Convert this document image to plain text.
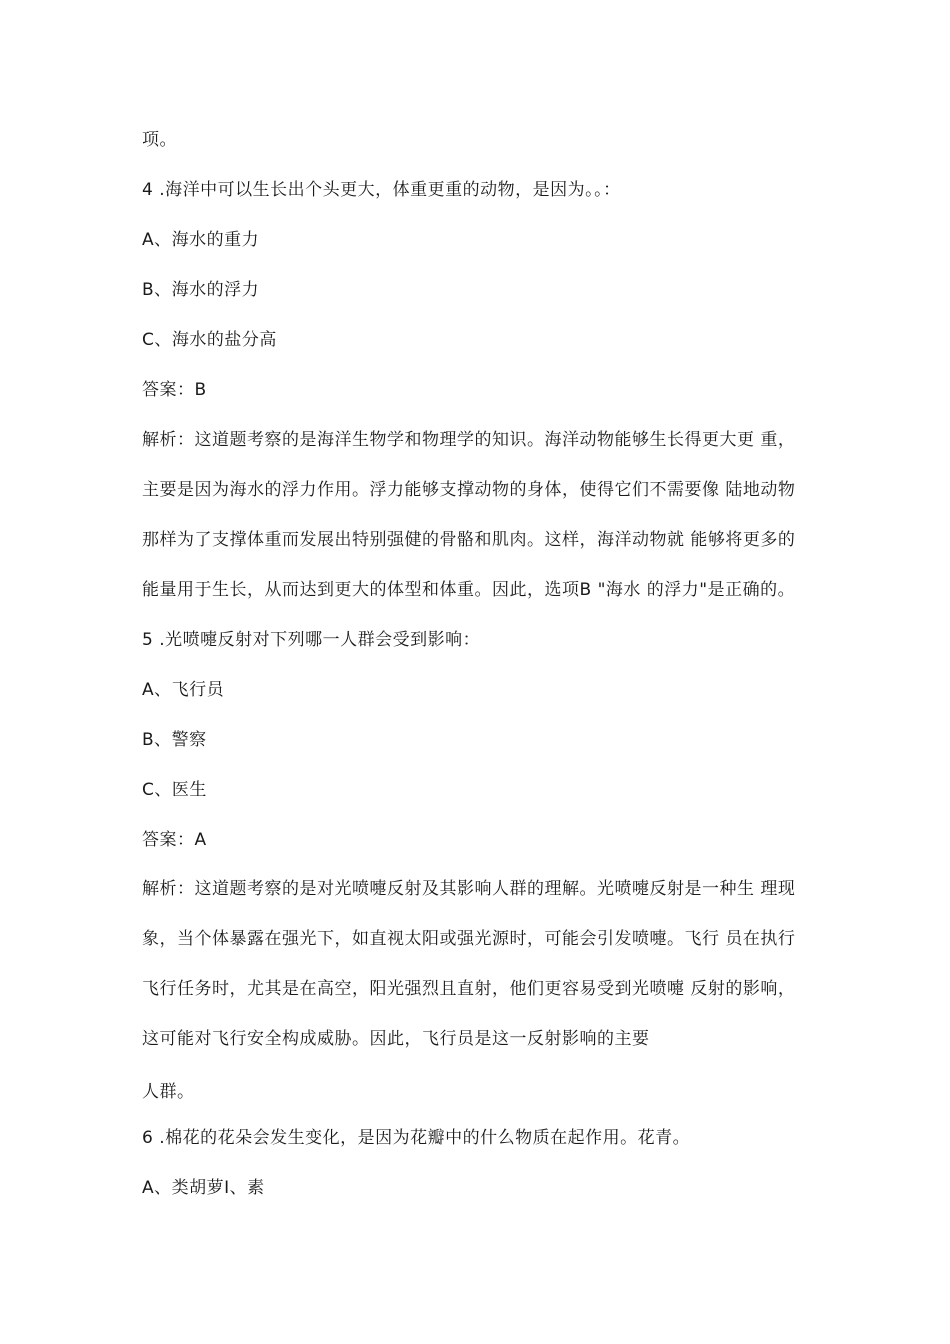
项。
4 .海洋中可以生长出个头更大，体重更重的动物，是因为。。：
A、海水的重力
B、海水的浮力
C、海水的盐分高
答案：B
解析：这道题考察的是海洋生物学和物理学的知识。海洋动物能够生长得更大更 重，
主要是因为海水的浮力作用。浮力能够支撑动物的身体，使得它们不需要像 陆地动物
那样为了支撑体重而发展出特别强健的骨骼和肌肉。这样，海洋动物就 能够将更多的
能量用于生长，从而达到更大的体型和体重。因此，选项B "海水 的浮力"是正确的。
5 .光喷嚏反射对下列哪一人群会受到影响：
A、飞行员
B、警察
C、医生
答案：A
解析：这道题考察的是对光喷嚏反射及其影响人群的理解。光喷嚏反射是一种生 理现
象，当个体暴露在强光下，如直视太阳或强光源时，可能会引发喷嚏。飞行 员在执行
飞行任务时，尤其是在高空，阳光强烈且直射，他们更容易受到光喷嚏 反射的影响，
这可能对飞行安全构成威胁。因此，飞行员是这一反射影响的主要
人群。
6 .棉花的花朵会发生变化，是因为花瓣中的什么物质在起作用。花青。
A、类胡萝I、素
